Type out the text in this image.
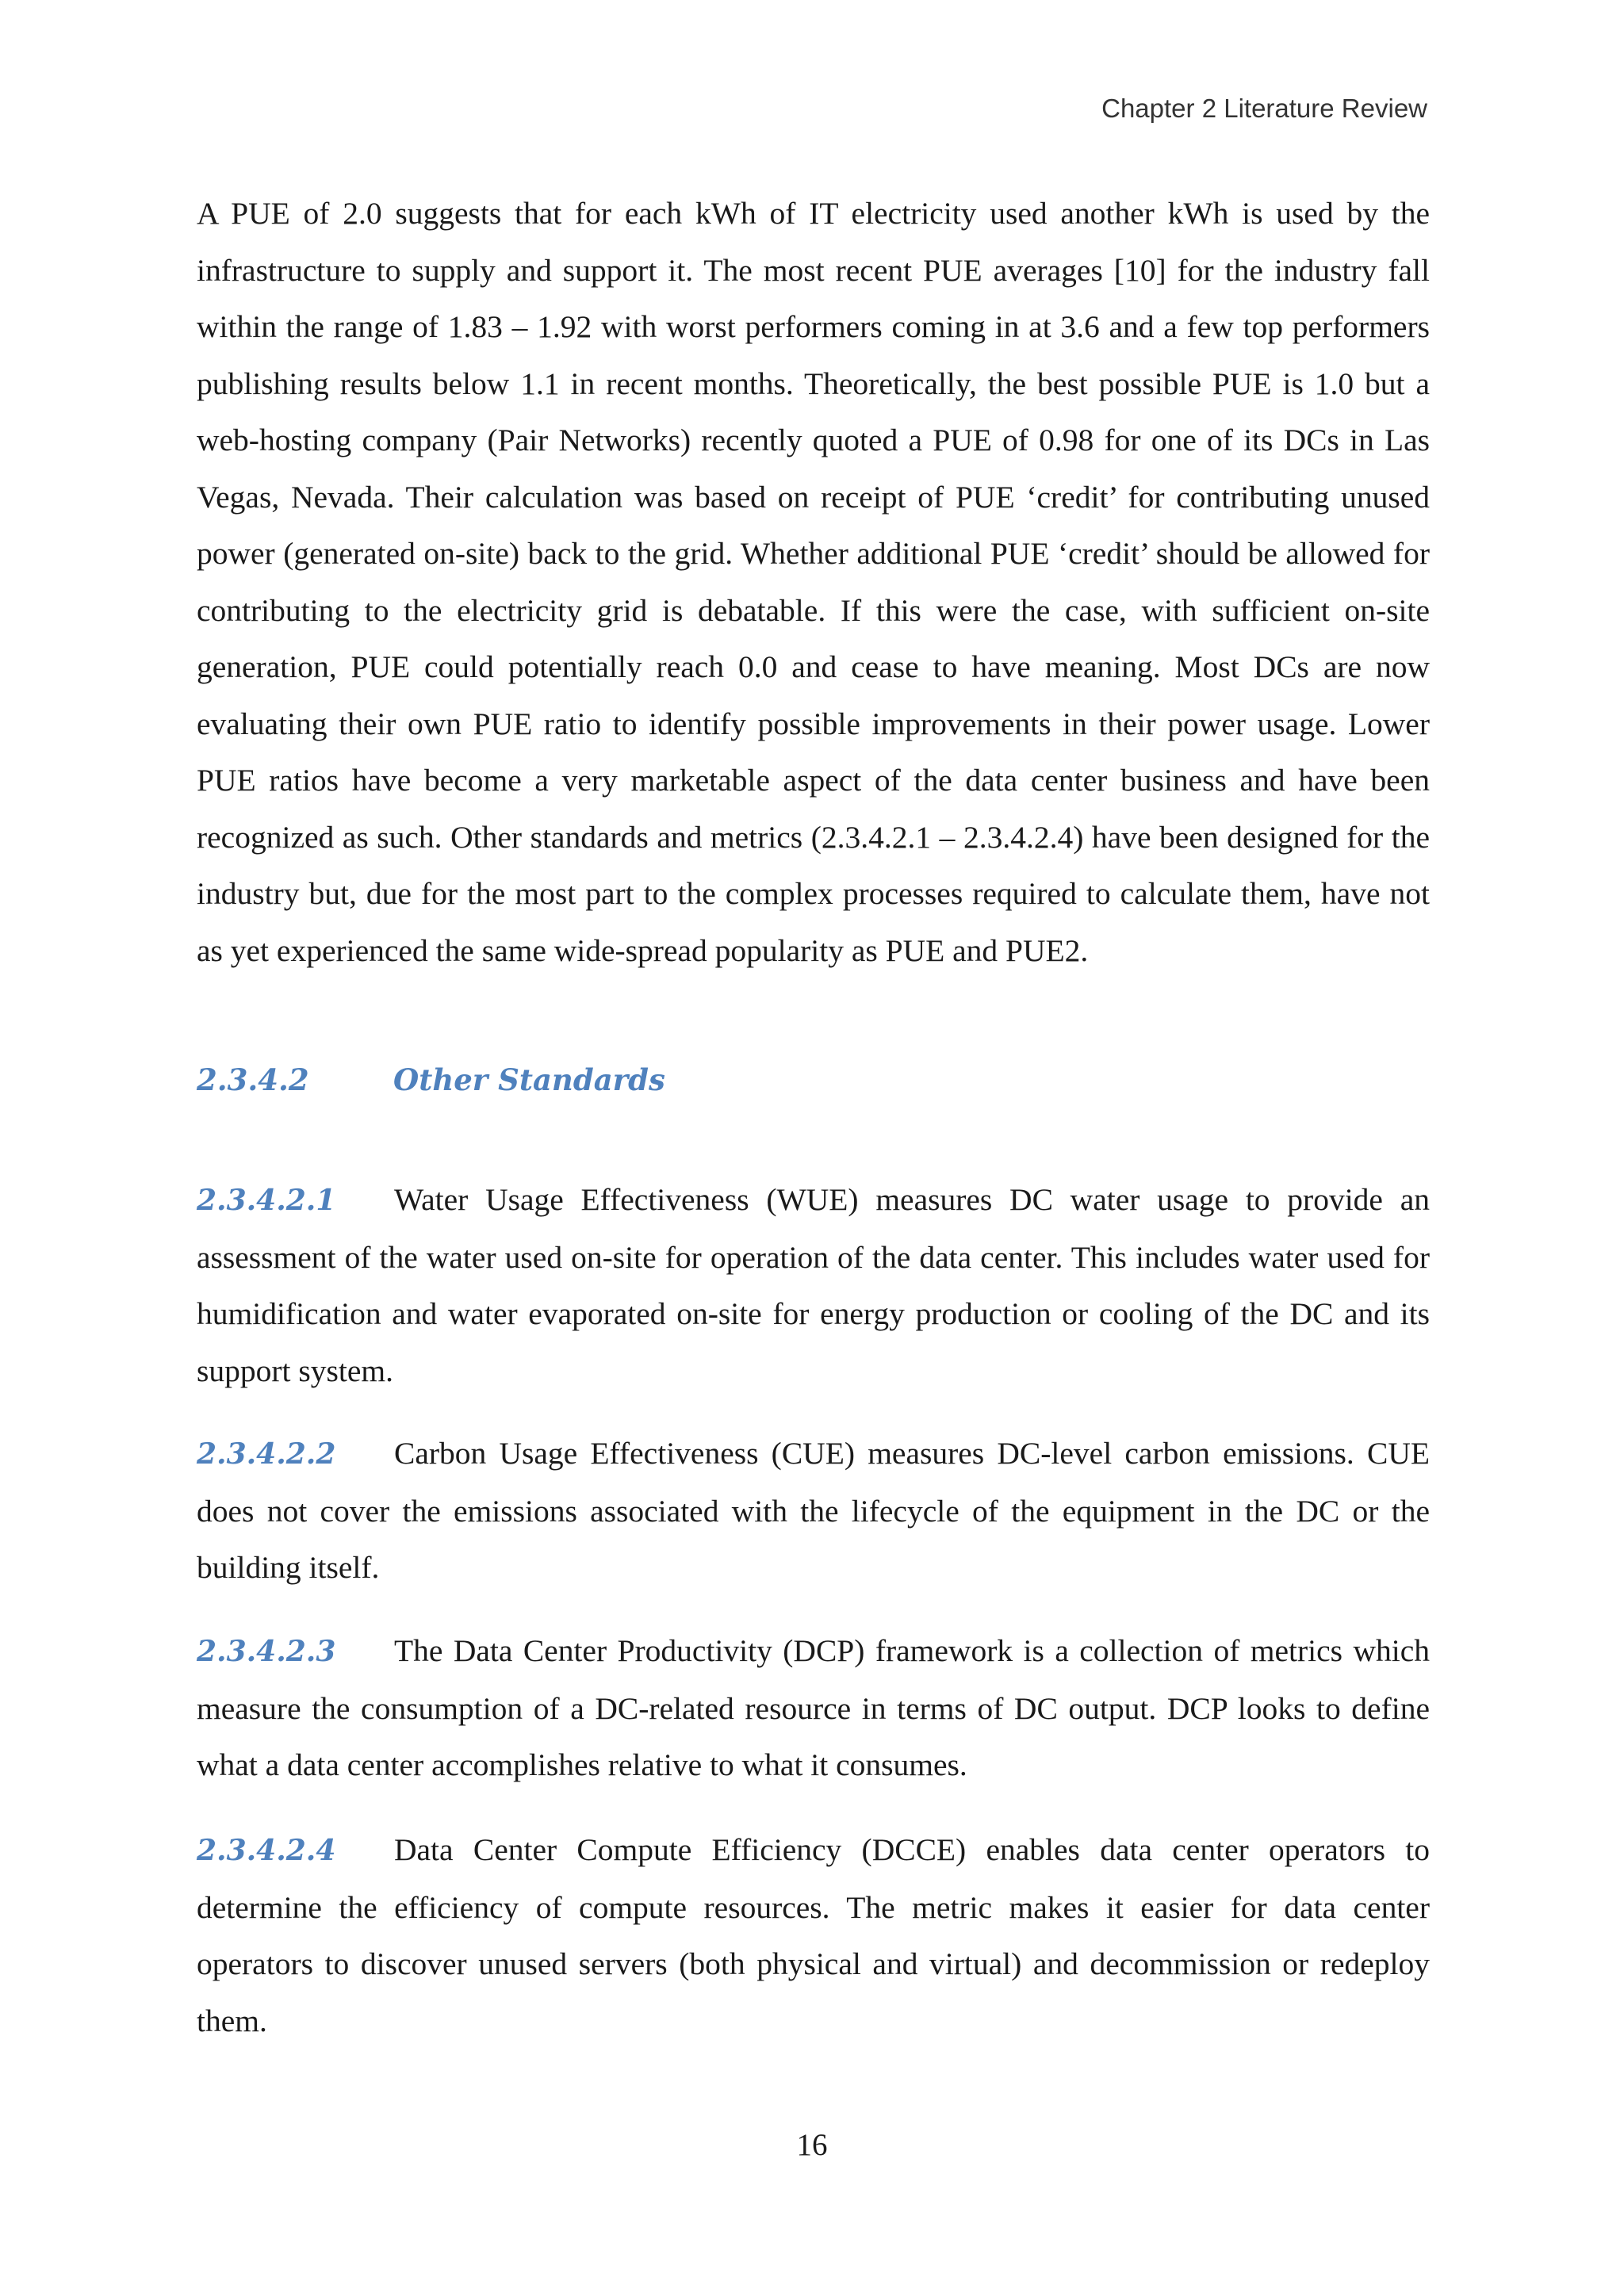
Chapter 2 Literature Review

A PUE of 2.0 suggests that for each kWh of IT electricity used another kWh is used by the infrastructure to supply and support it. The most recent PUE averages [10] for the industry fall within the range of 1.83 – 1.92 with worst performers coming in at 3.6 and a few top performers publishing results below 1.1 in recent months. Theoretically, the best possible PUE is 1.0 but a web-hosting company (Pair Networks) recently quoted a PUE of 0.98 for one of its DCs in Las Vegas, Nevada. Their calculation was based on receipt of PUE ‘credit’ for contributing unused power (generated on-site) back to the grid. Whether additional PUE ‘credit’ should be allowed for contributing to the electricity grid is debatable. If this were the case, with sufficient on-site generation, PUE could potentially reach 0.0 and cease to have meaning. Most DCs are now evaluating their own PUE ratio to identify possible improvements in their power usage. Lower PUE ratios have become a very marketable aspect of the data center business and have been recognized as such. Other standards and metrics (2.3.4.2.1 – 2.3.4.2.4) have been designed for the industry but, due for the most part to the complex processes required to calculate them, have not as yet experienced the same wide-spread popularity as PUE and PUE2.

2.3.4.2	Other Standards

2.3.4.2.1 Water Usage Effectiveness (WUE) measures DC water usage to provide an assessment of the water used on-site for operation of the data center. This includes water used for humidification and water evaporated on-site for energy production or cooling of the DC and its support system.

2.3.4.2.2 Carbon Usage Effectiveness (CUE) measures DC-level carbon emissions. CUE does not cover the emissions associated with the lifecycle of the equipment in the DC or the building itself.

2.3.4.2.3 The Data Center Productivity (DCP) framework is a collection of metrics which measure the consumption of a DC-related resource in terms of DC output. DCP looks to define what a data center accomplishes relative to what it consumes.

2.3.4.2.4 Data Center Compute Efficiency (DCCE) enables data center operators to determine the efficiency of compute resources. The metric makes it easier for data center operators to discover unused servers (both physical and virtual) and decommission or redeploy them.

16
